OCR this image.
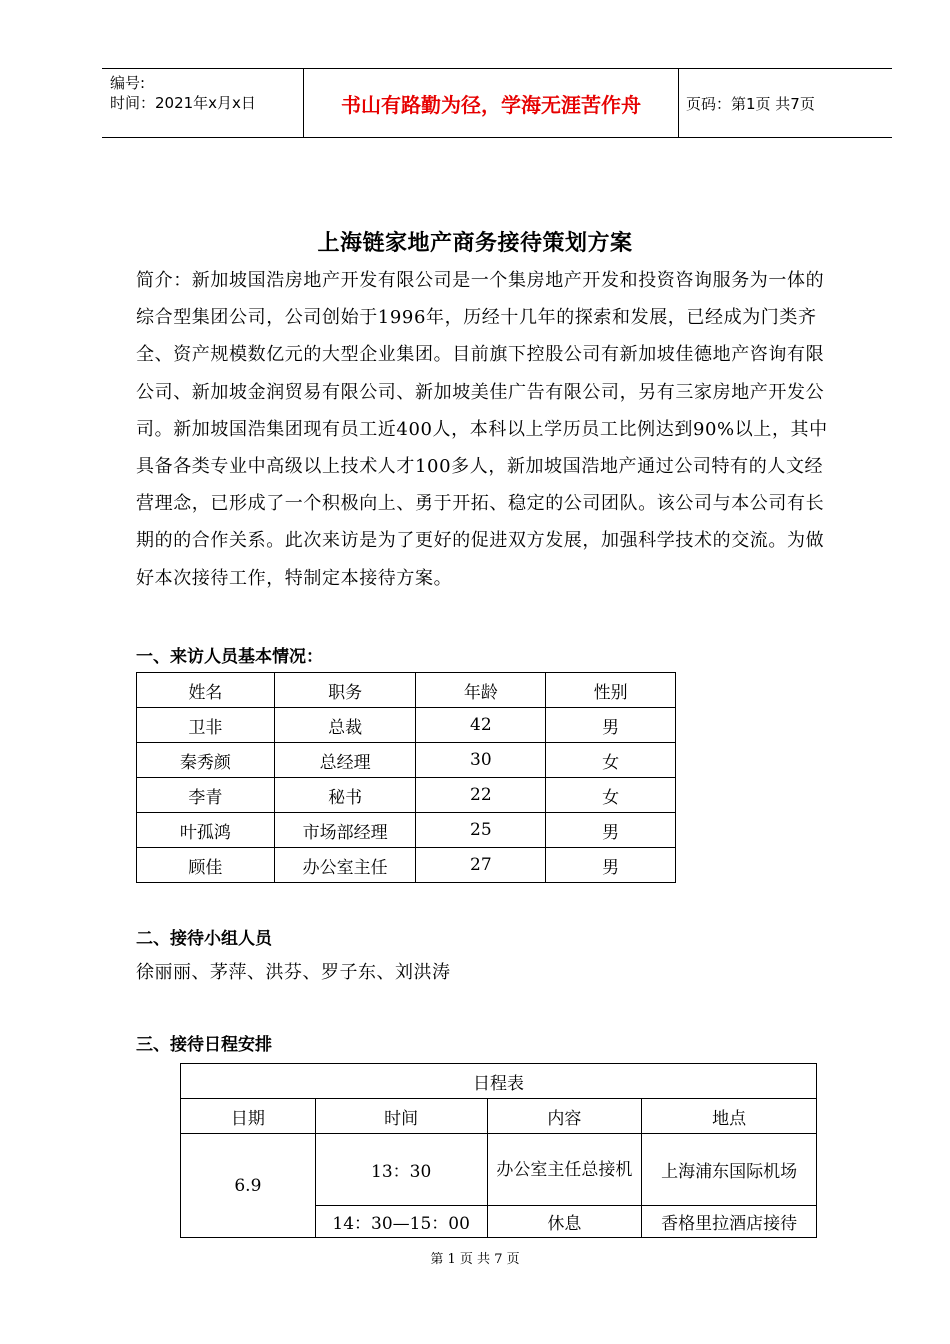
编号:
时间：2021年x月x日	书山有路勤为径，学海无涯苦作舟	页码：第1页 共7页
上海链家地产商务接待策划方案

简介：新加坡国浩房地产开发有限公司是一个集房地产开发和投资咨询服务为一体的

综合型集团公司，公司创始于1996年，历经十几年的探索和发展，已经成为门类齐

全、资产规模数亿元的大型企业集团。目前旗下控股公司有新加坡佳德地产咨询有限

公司、新加坡金润贸易有限公司、新加坡美佳广告有限公司，另有三家房地产开发公

司。新加坡国浩集团现有员工近400人，本科以上学历员工比例达到90%以上，其中

具备各类专业中高级以上技术人才100多人，新加坡国浩地产通过公司特有的人文经

营理念，已形成了一个积极向上、勇于开拓、稳定的公司团队。该公司与本公司有长

期的的合作关系。此次来访是为了更好的促进双方发展，加强科学技术的交流。为做

好本次接待工作，特制定本接待方案。

一、来访人员基本情况：
姓名	职务	年龄	性别
卫非	总裁	42	男
秦秀颜	总经理	30	女
李青	秘书	22	女
叶孤鸿	市场部经理	25	男
顾佳	办公室主任	27	男
二、接待小组人员
徐丽丽、茅萍、洪芬、罗子东、刘洪涛
三、接待日程安排
日程表			
日期	时间	内容	地点
6.9	13：30	办公室主任总接机	上海浦东国际机场
	14：30—15：00	休息	香格里拉酒店接待
第 1 页 共 7 页
